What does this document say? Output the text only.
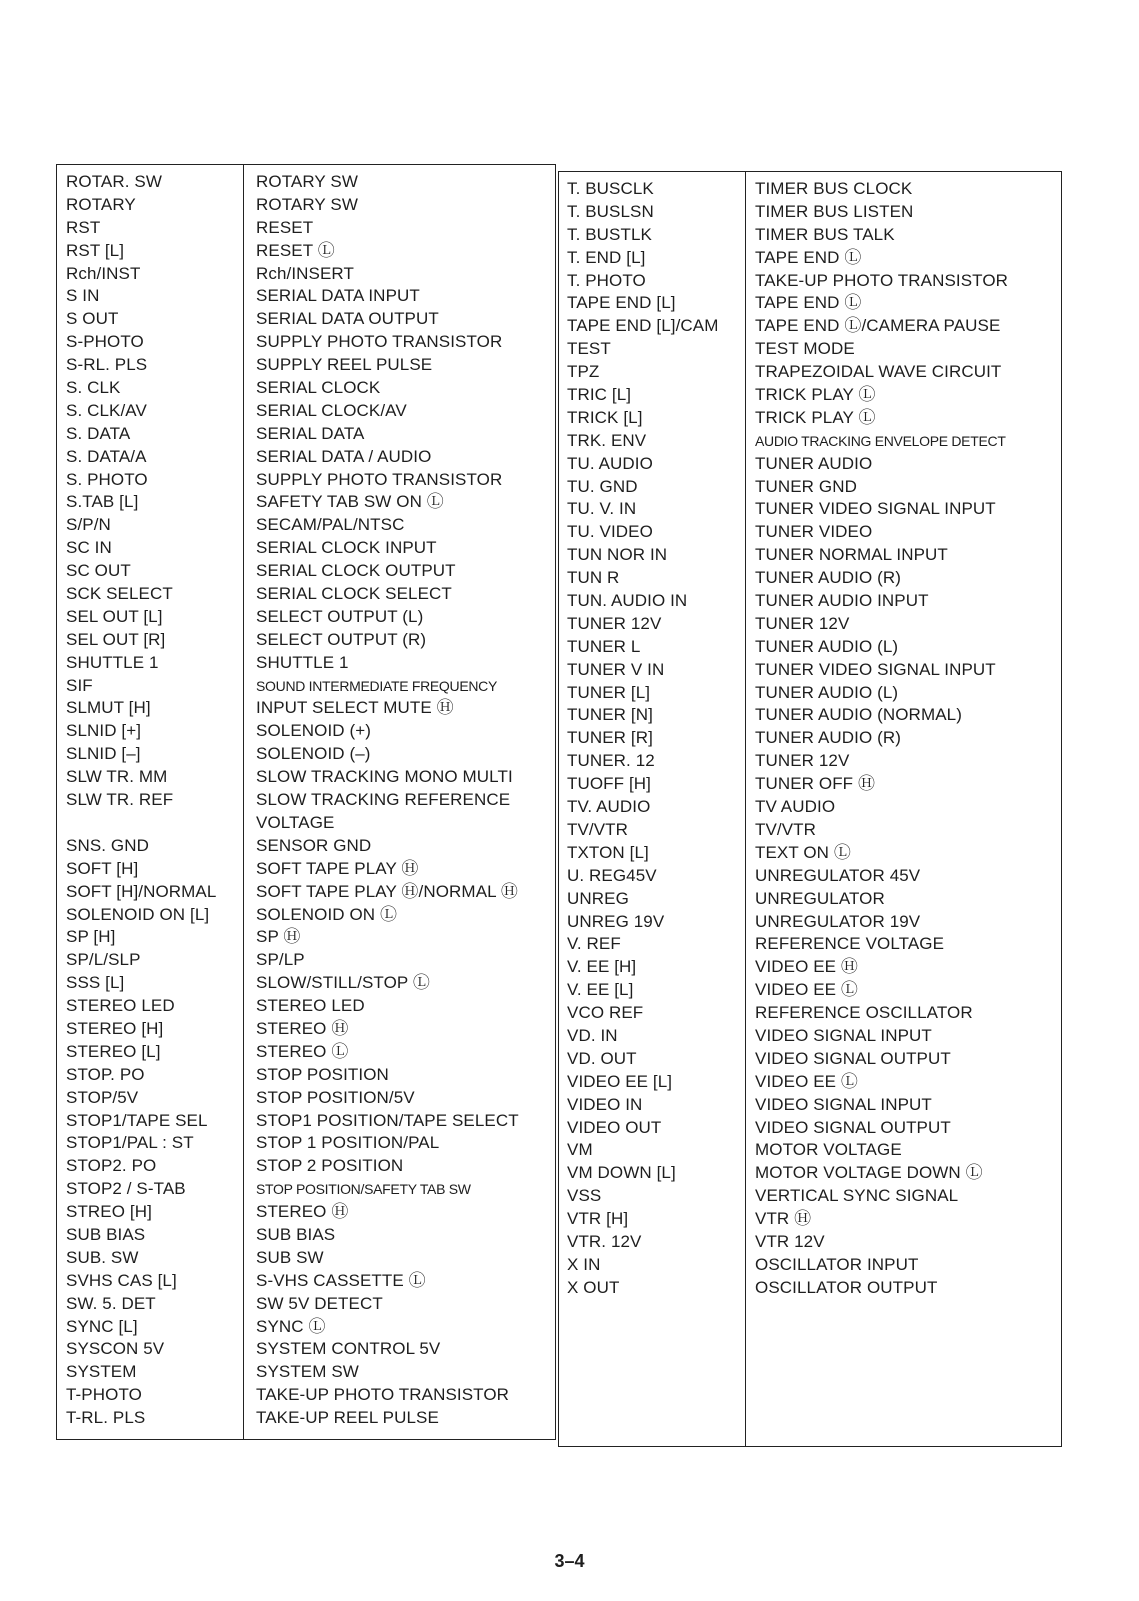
ROTAR. SW
ROTARY
RST
RST [L]
Rch/INST
S IN
S OUT
S-PHOTO
S-RL. PLS
S. CLK
S. CLK/AV
S. DATA
S. DATA/A
S. PHOTO
S.TAB [L]
S/P/N
SC IN
SC OUT
SCK SELECT
SEL OUT [L]
SEL OUT [R]
SHUTTLE 1
SIF
SLMUT [H]
SLNID [+]
SLNID [–]
SLW TR. MM
SLW TR. REF
SNS. GND
SOFT [H]
SOFT [H]/NORMAL
SOLENOID ON [L]
SP [H]
SP/L/SLP
SSS [L]
STEREO LED
STEREO [H]
STEREO [L]
STOP. PO
STOP/5V
STOP1/TAPE SEL
STOP1/PAL : ST
STOP2. PO
STOP2 / S-TAB
STREO [H]
SUB BIAS
SUB. SW
SVHS CAS [L]
SW. 5. DET
SYNC [L]
SYSCON 5V
SYSTEM
T-PHOTO
T-RL. PLS
ROTARY SW
ROTARY SW
RESET
RESET Ⓛ
Rch/INSERT
SERIAL DATA INPUT
SERIAL DATA OUTPUT
SUPPLY PHOTO TRANSISTOR
SUPPLY REEL PULSE
SERIAL CLOCK
SERIAL CLOCK/AV
SERIAL DATA
SERIAL DATA / AUDIO
SUPPLY PHOTO TRANSISTOR
SAFETY TAB SW ON Ⓛ
SECAM/PAL/NTSC
SERIAL CLOCK INPUT
SERIAL CLOCK OUTPUT
SERIAL CLOCK SELECT
SELECT OUTPUT (L)
SELECT OUTPUT (R)
SHUTTLE 1
SOUND INTERMEDIATE FREQUENCY
INPUT SELECT MUTE Ⓗ
SOLENOID (+)
SOLENOID (–)
SLOW TRACKING MONO MULTI
SLOW TRACKING REFERENCE
VOLTAGE
SENSOR GND
SOFT TAPE PLAY Ⓗ
SOFT TAPE PLAY Ⓗ/NORMAL Ⓗ
SOLENOID ON Ⓛ
SP Ⓗ
SP/LP
SLOW/STILL/STOP Ⓛ
STEREO LED
STEREO Ⓗ
STEREO Ⓛ
STOP POSITION
STOP POSITION/5V
STOP1 POSITION/TAPE SELECT
STOP 1 POSITION/PAL
STOP 2 POSITION
STOP POSITION/SAFETY TAB SW
STEREO Ⓗ
SUB BIAS
SUB SW
S-VHS CASSETTE Ⓛ
SW 5V DETECT
SYNC Ⓛ
SYSTEM CONTROL 5V
SYSTEM SW
TAKE-UP PHOTO TRANSISTOR
TAKE-UP REEL PULSE
T. BUSCLK
T. BUSLSN
T. BUSTLK
T. END [L]
T. PHOTO
TAPE END [L]
TAPE END [L]/CAM
TEST
TPZ
TRIC [L]
TRICK [L]
TRK. ENV
TU. AUDIO
TU. GND
TU. V. IN
TU. VIDEO
TUN NOR IN
TUN R
TUN. AUDIO IN
TUNER 12V
TUNER L
TUNER V IN
TUNER [L]
TUNER [N]
TUNER [R]
TUNER. 12
TUOFF [H]
TV. AUDIO
TV/VTR
TXTON [L]
U. REG45V
UNREG
UNREG 19V
V. REF
V. EE [H]
V. EE [L]
VCO REF
VD. IN
VD. OUT
VIDEO EE [L]
VIDEO IN
VIDEO OUT
VM
VM DOWN [L]
VSS
VTR [H]
VTR. 12V
X IN
X OUT
TIMER BUS CLOCK
TIMER BUS LISTEN
TIMER BUS TALK
TAPE END Ⓛ
TAKE-UP PHOTO TRANSISTOR
TAPE END Ⓛ
TAPE END Ⓛ/CAMERA PAUSE
TEST MODE
TRAPEZOIDAL WAVE CIRCUIT
TRICK PLAY Ⓛ
TRICK PLAY Ⓛ
AUDIO TRACKING ENVELOPE DETECT
TUNER AUDIO
TUNER GND
TUNER VIDEO SIGNAL INPUT
TUNER VIDEO
TUNER NORMAL INPUT
TUNER AUDIO (R)
TUNER AUDIO INPUT
TUNER 12V
TUNER AUDIO (L)
TUNER VIDEO SIGNAL INPUT
TUNER AUDIO (L)
TUNER AUDIO (NORMAL)
TUNER AUDIO (R)
TUNER 12V
TUNER OFF Ⓗ
TV AUDIO
TV/VTR
TEXT ON Ⓛ
UNREGULATOR 45V
UNREGULATOR
UNREGULATOR 19V
REFERENCE VOLTAGE
VIDEO EE Ⓗ
VIDEO EE Ⓛ
REFERENCE OSCILLATOR
VIDEO SIGNAL INPUT
VIDEO SIGNAL OUTPUT
VIDEO EE Ⓛ
VIDEO SIGNAL INPUT
VIDEO SIGNAL OUTPUT
MOTOR VOLTAGE
MOTOR VOLTAGE DOWN Ⓛ
VERTICAL SYNC SIGNAL
VTR Ⓗ
VTR 12V
OSCILLATOR INPUT
OSCILLATOR OUTPUT
3–4
